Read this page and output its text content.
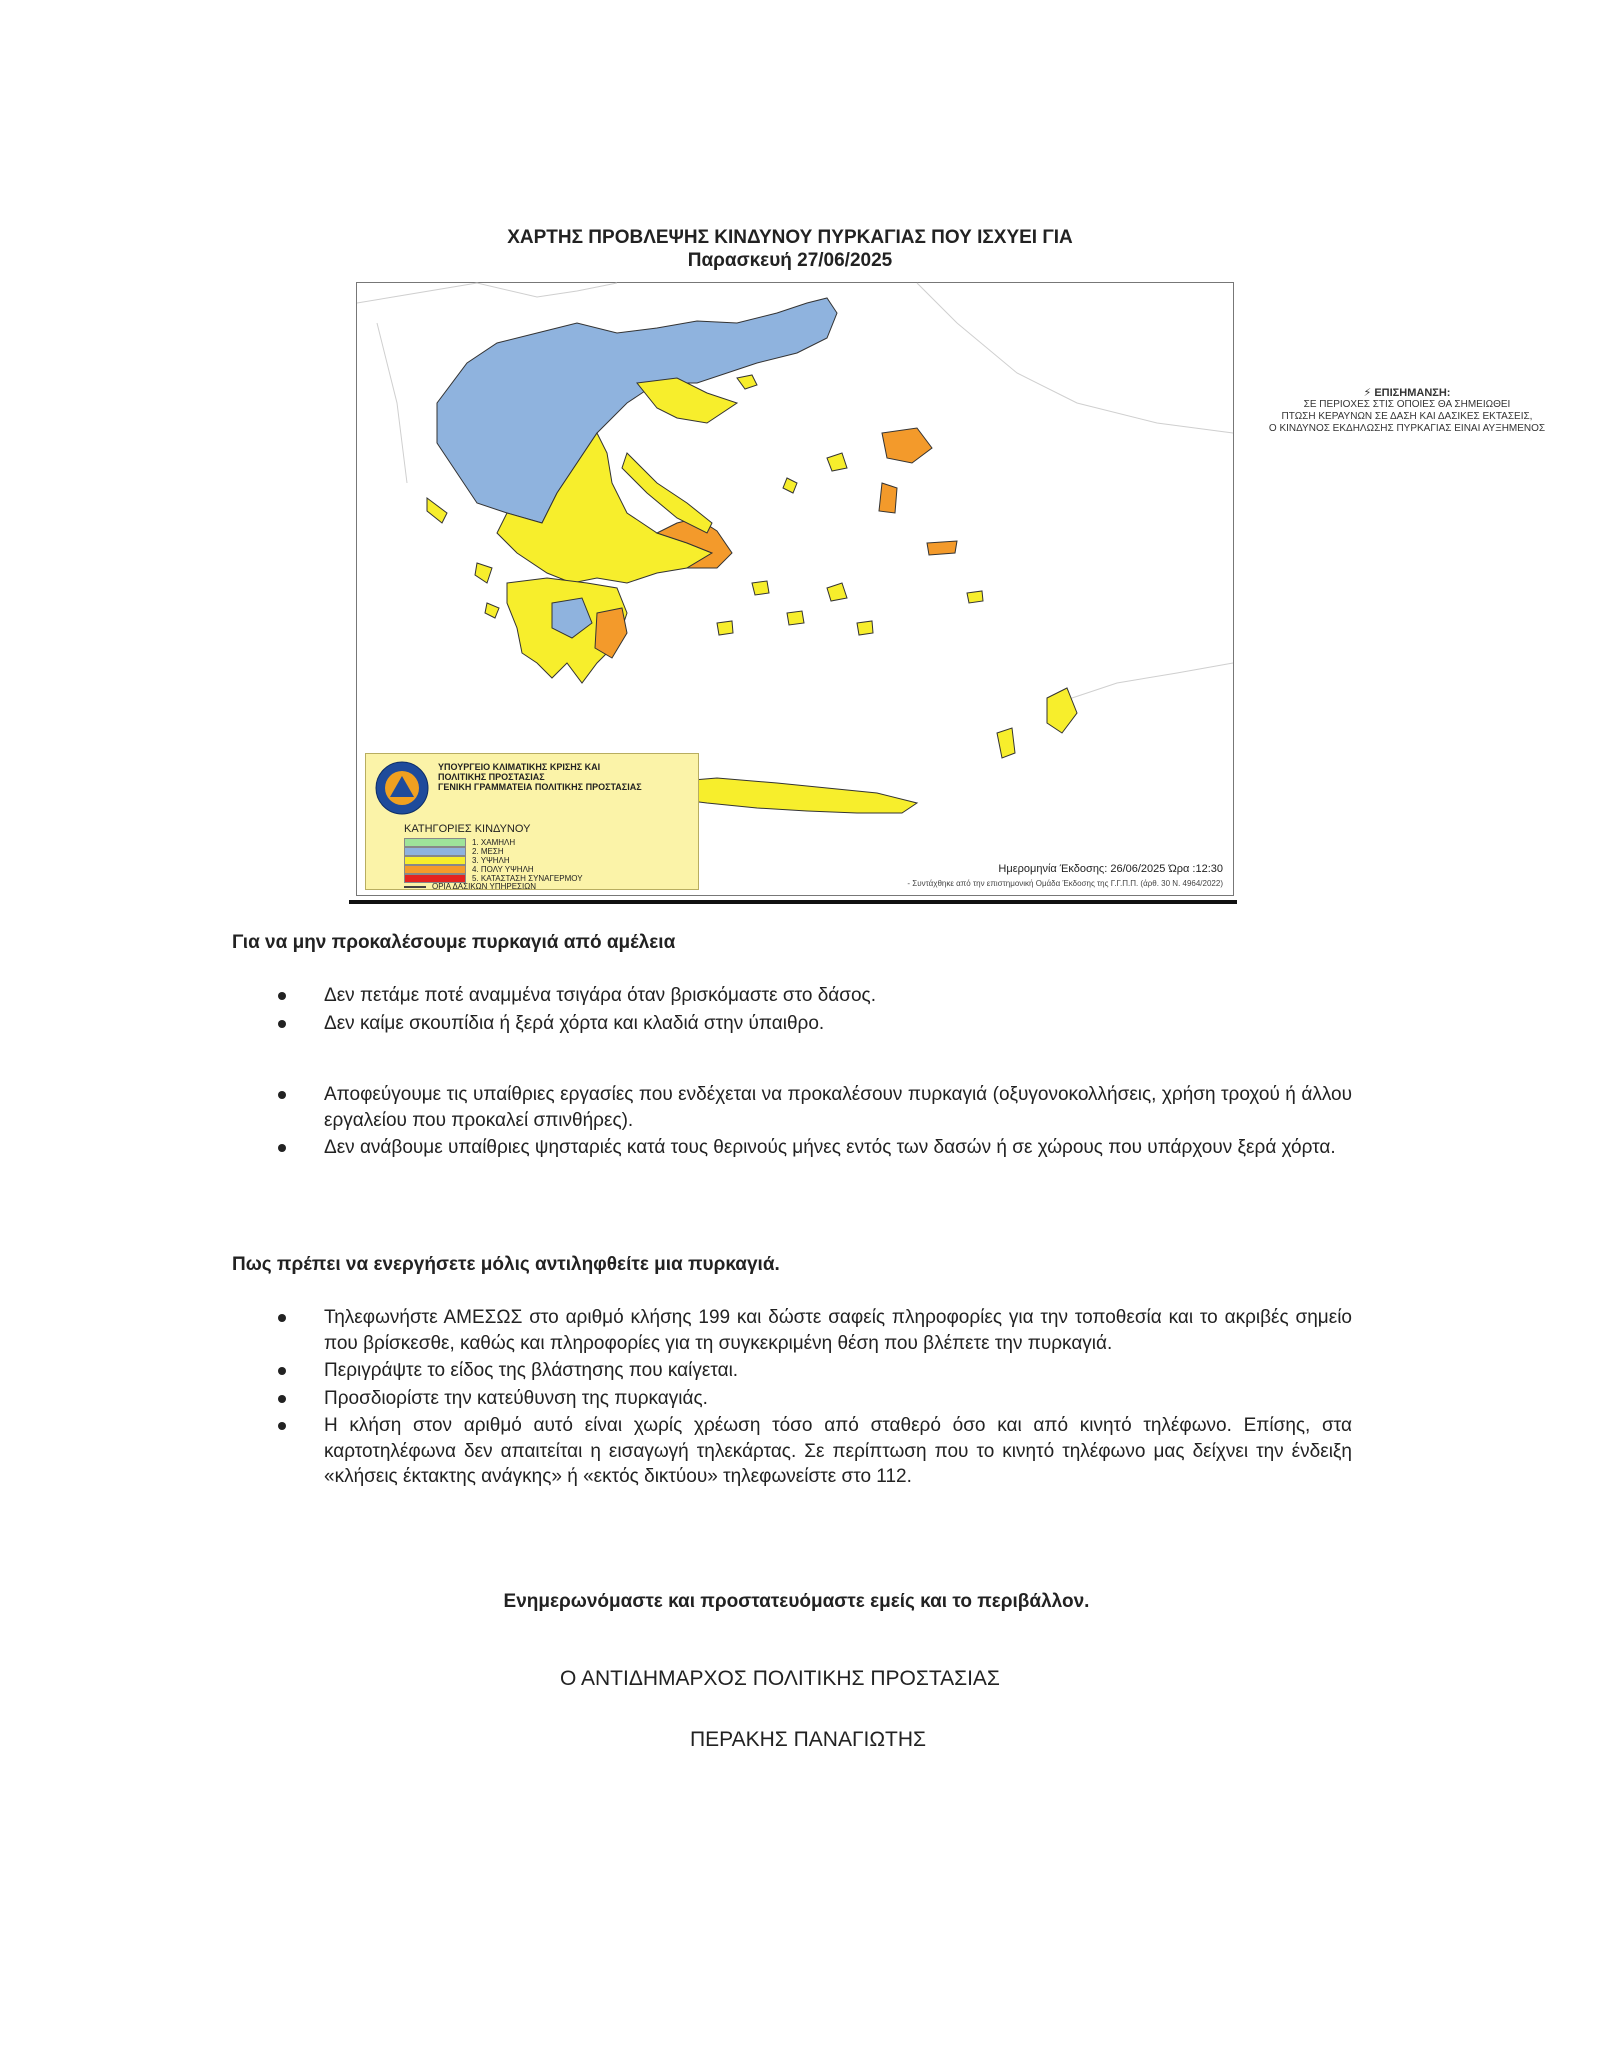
ΧΑΡΤΗΣ ΠΡΟΒΛΕΨΗΣ ΚΙΝΔΥΝΟΥ ΠΥΡΚΑΓΙΑΣ ΠΟΥ ΙΣΧΥΕΙ ΓΙΑ
Παρασκευή 27/06/2025
⚡ ΕΠΙΣΗΜΑΝΣΗ:
ΣΕ ΠΕΡΙΟΧΕΣ ΣΤΙΣ ΟΠΟΙΕΣ ΘΑ ΣΗΜΕΙΩΘΕΙ
ΠΤΩΣΗ ΚΕΡΑΥΝΩΝ ΣΕ ΔΑΣΗ ΚΑΙ ΔΑΣΙΚΕΣ ΕΚΤΑΣΕΙΣ,
Ο ΚΙΝΔΥΝΟΣ ΕΚΔΗΛΩΣΗΣ ΠΥΡΚΑΓΙΑΣ ΕΙΝΑΙ ΑΥΞΗΜΕΝΟΣ
ΥΠΟΥΡΓΕΙΟ ΚΛΙΜΑΤΙΚΗΣ ΚΡΙΣΗΣ ΚΑΙ
ΠΟΛΙΤΙΚΗΣ ΠΡΟΣΤΑΣΙΑΣ
ΓΕΝΙΚΗ ΓΡΑΜΜΑΤΕΙΑ ΠΟΛΙΤΙΚΗΣ ΠΡΟΣΤΑΣΙΑΣ
ΚΑΤΗΓΟΡΙΕΣ ΚΙΝΔΥΝΟΥ
1. ΧΑΜΗΛΗ
2. ΜΕΣΗ
3. ΥΨΗΛΗ
4. ΠΟΛΥ ΥΨΗΛΗ
5. ΚΑΤΑΣΤΑΣΗ ΣΥΝΑΓΕΡΜΟΥ
ΟΡΙΑ ΔΑΣΙΚΩΝ ΥΠΗΡΕΣΙΩΝ
Ημερομηνία Έκδοσης: 26/06/2025 Ώρα :12:30
- Συντάχθηκε από την επιστημονική Ομάδα Έκδοσης της Γ.Γ.Π.Π. (άρθ. 30 Ν. 4964/2022)
Για να μην προκαλέσουμε πυρκαγιά από αμέλεια
Δεν πετάμε ποτέ αναμμένα τσιγάρα όταν βρισκόμαστε στο δάσος.
Δεν καίμε σκουπίδια ή ξερά χόρτα και κλαδιά στην ύπαιθρο.
Αποφεύγουμε τις υπαίθριες εργασίες που ενδέχεται να προκαλέσουν πυρκαγιά (οξυγονοκολλήσεις, χρήση τροχού ή άλλου εργαλείου που προκαλεί σπινθήρες).
Δεν ανάβουμε υπαίθριες ψησταριές κατά τους θερινούς μήνες εντός των δασών ή σε χώρους που υπάρχουν ξερά χόρτα.
Πως πρέπει να ενεργήσετε μόλις αντιληφθείτε μια πυρκαγιά.
Τηλεφωνήστε ΑΜΕΣΩΣ στο αριθμό κλήσης 199 και δώστε σαφείς πληροφορίες για την τοποθεσία και το ακριβές σημείο που βρίσκεσθε, καθώς και πληροφορίες για τη συγκεκριμένη θέση που βλέπετε την πυρκαγιά.
Περιγράψτε το είδος της βλάστησης που καίγεται.
Προσδιορίστε την κατεύθυνση της πυρκαγιάς.
Η κλήση στον αριθμό αυτό είναι χωρίς χρέωση τόσο από σταθερό όσο και από κινητό τηλέφωνο. Επίσης, στα καρτοτηλέφωνα δεν απαιτείται η εισαγωγή τηλεκάρτας. Σε περίπτωση που το κινητό τηλέφωνο μας δείχνει την ένδειξη «κλήσεις έκτακτης ανάγκης» ή «εκτός δικτύου» τηλεφωνείστε στο 112.
Ενημερωνόμαστε και προστατευόμαστε εμείς και το περιβάλλον.
Ο ΑΝΤΙΔΗΜΑΡΧΟΣ ΠΟΛΙΤΙΚΗΣ ΠΡΟΣΤΑΣΙΑΣ
ΠΕΡΑΚΗΣ ΠΑΝΑΓΙΩΤΗΣ
